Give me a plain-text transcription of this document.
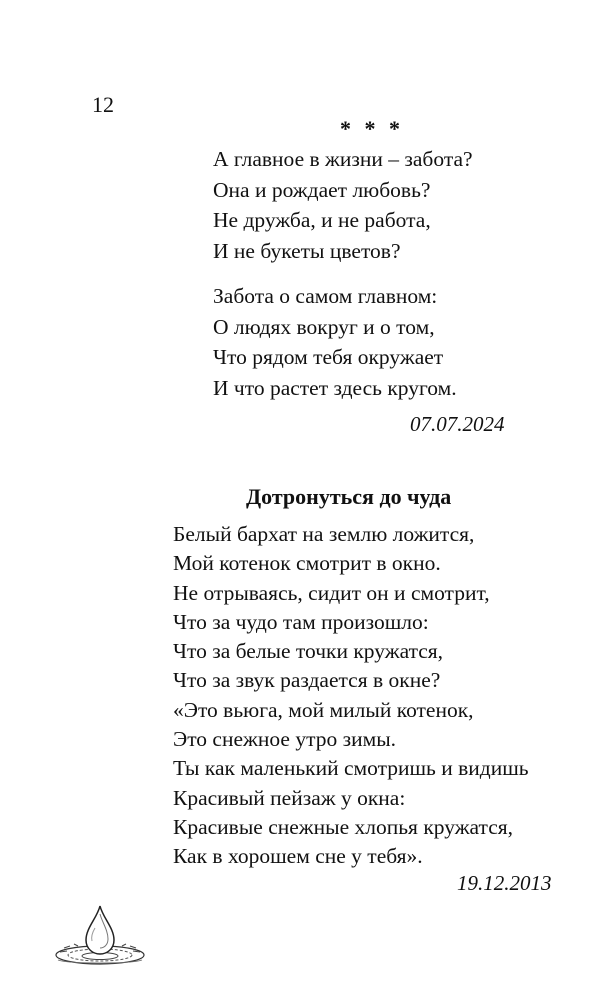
12
* * *
А главное в жизни – забота?
Она и рождает любовь?
Не дружба, и не работа,
И не букеты цветов?
Забота о самом главном:
О людях вокруг и о том,
Что рядом тебя окружает
И что растет здесь кругом.
07.07.2024
Дотронуться до чуда
Белый бархат на землю ложится,
Мой котенок смотрит в окно.
Не отрываясь, сидит он и смотрит,
Что за чудо там произошло:
Что за белые точки кружатся,
Что за звук раздается в окне?
«Это вьюга, мой милый котенок,
Это снежное утро зимы.
Ты как маленький смотришь и видишь
Красивый пейзаж у окна:
Красивые снежные хлопья кружатся,
Как в хорошем сне у тебя».
19.12.2013
